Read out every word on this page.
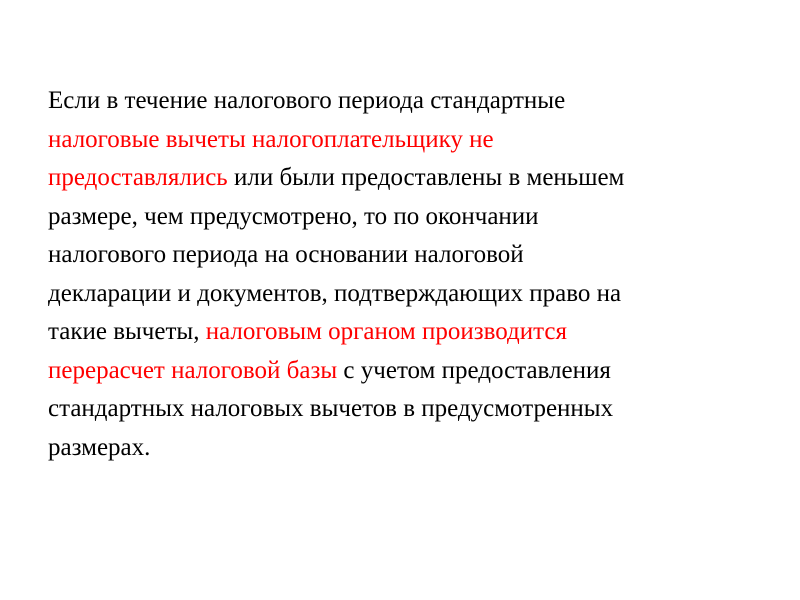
Если в течение налогового периода стандартные
налоговые вычеты налогоплательщику не
предоставлялись или были предоставлены в меньшем
размере, чем предусмотрено, то по окончании
налогового периода на основании налоговой
декларации и документов, подтверждающих право на
такие вычеты, налоговым органом производится
перерасчет налоговой базы с учетом предоставления
стандартных налоговых вычетов в предусмотренных
размерах.
